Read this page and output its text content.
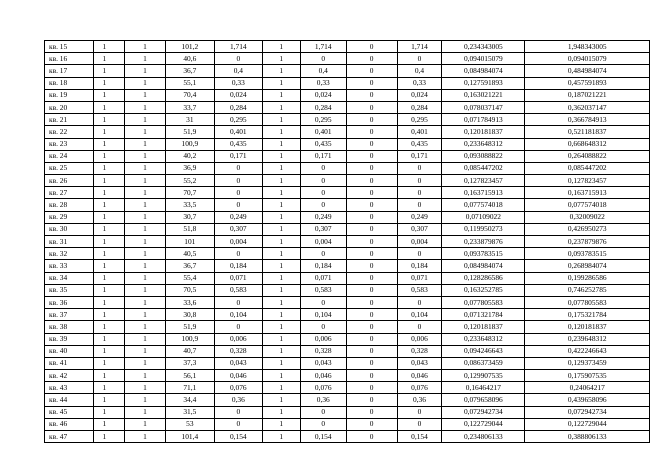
кв. 15	1	1	101,2	1,714	1	1,714	0	1,714	0,234343005	1,948343005
кв. 16	1	1	40,6	0	1	0	0	0	0,094015079	0,094015079
кв. 17	1	1	36,7	0,4	1	0,4	0	0,4	0,084984074	0,484984074
кв. 18	1	1	55,1	0,33	1	0,33	0	0,33	0,127591893	0,457591893
кв. 19	1	1	70,4	0,024	1	0,024	0	0,024	0,163021221	0,187021221
кв. 20	1	1	33,7	0,284	1	0,284	0	0,284	0,078037147	0,362037147
кв. 21	1	1	31	0,295	1	0,295	0	0,295	0,071784913	0,366784913
кв. 22	1	1	51,9	0,401	1	0,401	0	0,401	0,120181837	0,521181837
кв. 23	1	1	100,9	0,435	1	0,435	0	0,435	0,233648312	0,668648312
кв. 24	1	1	40,2	0,171	1	0,171	0	0,171	0,093088822	0,264088822
кв. 25	1	1	36,9	0	1	0	0	0	0,085447202	0,085447202
кв. 26	1	1	55,2	0	1	0	0	0	0,127823457	0,127823457
кв. 27	1	1	70,7	0	1	0	0	0	0,163715913	0,163715913
кв. 28	1	1	33,5	0	1	0	0	0	0,077574018	0,077574018
кв. 29	1	1	30,7	0,249	1	0,249	0	0,249	0,07109022	0,32009022
кв. 30	1	1	51,8	0,307	1	0,307	0	0,307	0,119950273	0,426950273
кв. 31	1	1	101	0,004	1	0,004	0	0,004	0,233879876	0,237879876
кв. 32	1	1	40,5	0	1	0	0	0	0,093783515	0,093783515
кв. 33	1	1	36,7	0,184	1	0,184	0	0,184	0,084984074	0,268984074
кв. 34	1	1	55,4	0,071	1	0,071	0	0,071	0,128286586	0,199286586
кв. 35	1	1	70,5	0,583	1	0,583	0	0,583	0,163252785	0,746252785
кв. 36	1	1	33,6	0	1	0	0	0	0,077805583	0,077805583
кв. 37	1	1	30,8	0,104	1	0,104	0	0,104	0,071321784	0,175321784
кв. 38	1	1	51,9	0	1	0	0	0	0,120181837	0,120181837
кв. 39	1	1	100,9	0,006	1	0,006	0	0,006	0,233648312	0,239648312
кв. 40	1	1	40,7	0,328	1	0,328	0	0,328	0,094246643	0,422246643
кв. 41	1	1	37,3	0,043	1	0,043	0	0,043	0,086373459	0,129373459
кв. 42	1	1	56,1	0,046	1	0,046	0	0,046	0,129907535	0,175907535
кв. 43	1	1	71,1	0,076	1	0,076	0	0,076	0,16464217	0,24064217
кв. 44	1	1	34,4	0,36	1	0,36	0	0,36	0,079658096	0,439658096
кв. 45	1	1	31,5	0	1	0	0	0	0,072942734	0,072942734
кв. 46	1	1	53	0	1	0	0	0	0,122729044	0,122729044
кв. 47	1	1	101,4	0,154	1	0,154	0	0,154	0,234806133	0,388806133
